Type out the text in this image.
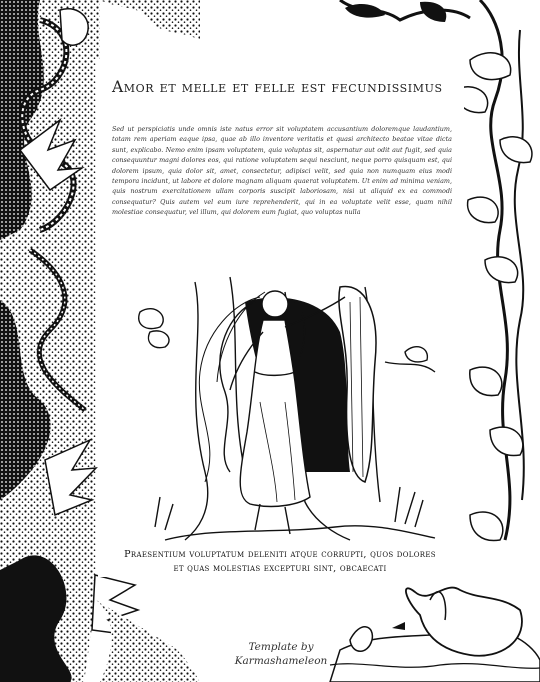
Amor et melle et felle est fecundissimus
Sed ut perspiciatis unde omnis iste natus error sit voluptatem accusantium doloremque laudantium, totam rem aperiam eaque ipsa, quae ab illo inventore veritatis et quasi architecto beatae vitae dicta sunt, explicabo. Nemo enim ipsam voluptatem, quia voluptas sit, aspernatur aut odit aut fugit, sed quia consequuntur magni dolores eos, qui ratione voluptatem sequi nesciunt, neque porro quisquam est, qui dolorem ipsum, quia dolor sit, amet, consectetur, adipisci velit, sed quia non numquam eius modi tempora incidunt, ut labore et dolore magnam aliquam quaerat voluptatem. Ut enim ad minima veniam, quis nostrum exercitationem ullam corporis suscipit laboriosam, nisi ut aliquid ex ea commodi consequatur? Quis autem vel eum iure reprehenderit, qui in ea voluptate velit esse, quam nihil molestiae consequatur, vel illum, qui dolorem eum fugiat, quo voluptas nulla
Praesentium voluptatum deleniti atque corrupti, quos dolores
et quas molestias excepturi sint, obcaecati
Template by
Karmashameleon
